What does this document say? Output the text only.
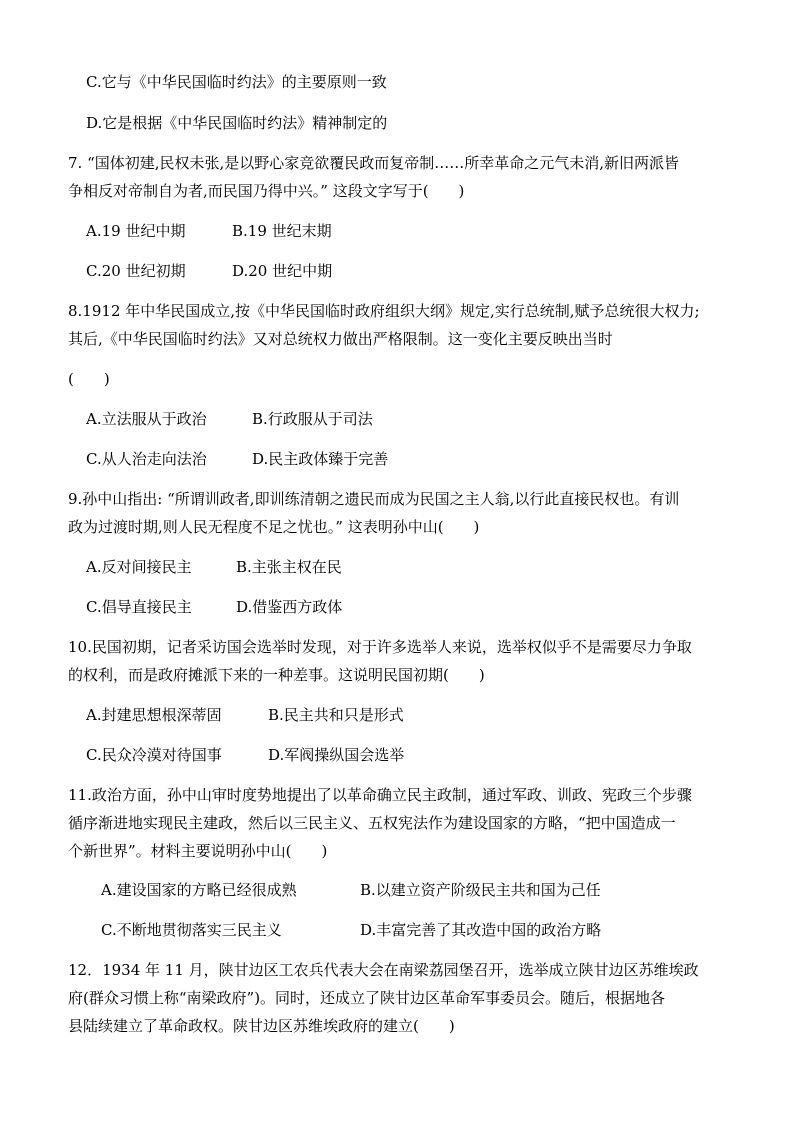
C.它与《中华民国临时约法》的主要原则一致
D.它是根据《中华民国临时约法》精神制定的
7. “国体初建,民权未张,是以野心家竞欲覆民政而复帝制……所幸革命之元气未消,新旧两派皆
争相反对帝制自为者,而民国乃得中兴。” 这段文字写于(　　)
A.19 世纪中期	B.19 世纪末期
C.20 世纪初期	D.20 世纪中期
8.1912 年中华民国成立,按《中华民国临时政府组织大纲》规定,实行总统制,赋予总统很大权力;
其后,《中华民国临时约法》又对总统权力做出严格限制。这一变化主要反映出当时
(　　)
A.立法服从于政治	B.行政服从于司法
C.从人治走向法治	D.民主政体臻于完善
9.孙中山指出: “所谓训政者,即训练清朝之遗民而成为民国之主人翁,以行此直接民权也。有训
政为过渡时期,则人民无程度不足之忧也。” 这表明孙中山(　　)
A.反对间接民主	B.主张主权在民
C.倡导直接民主	D.借鉴西方政体
10.民国初期，记者采访国会选举时发现，对于许多选举人来说，选举权似乎不是需要尽力争取
的权利，而是政府摊派下来的一种差事。这说明民国初期(　　)
A.封建思想根深蒂固	B.民主共和只是形式
C.民众冷漠对待国事	D.军阀操纵国会选举
11.政治方面，孙中山审时度势地提出了以革命确立民主政制，通过军政、训政、宪政三个步骤
循序渐进地实现民主建政，然后以三民主义、五权宪法作为建设国家的方略，“把中国造成一
个新世界”。材料主要说明孙中山(　　)
A.建设国家的方略已经很成熟	B.以建立资产阶级民主共和国为己任
C.不断地贯彻落实三民主义	D.丰富完善了其改造中国的政治方略
12．1934 年 11 月，陕甘边区工农兵代表大会在南梁荔园堡召开，选举成立陕甘边区苏维埃政
府(群众习惯上称“南梁政府”)。同时，还成立了陕甘边区革命军事委员会。随后，根据地各
县陆续建立了革命政权。陕甘边区苏维埃政府的建立(　　)
